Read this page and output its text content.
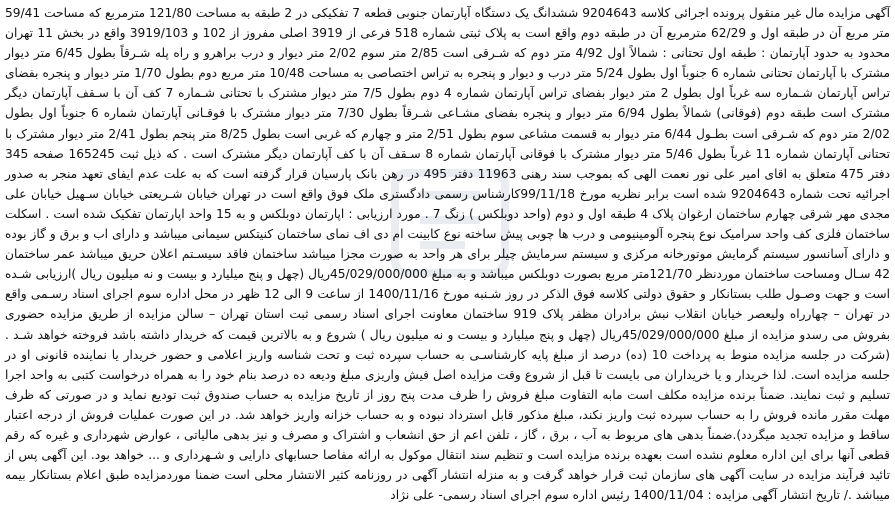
آگهی مزایده مال غیر منقول پرونده اجرائی کلاسه 9204643 ششدانگ یک دستگاه آپارتمان جنوبی قطعه 7 تفکیکی در 2 طبقه به مساحت 121/80 مترمربع که مساحت 59/41 متر مربع آن در طبقه اول و 62/29 مترمربع آن در طبقه دوم واقع است به پلاک ثبتی شماره 518 فرعی از 3919 اصلی مفروز از 102 و 3919/103 واقع در بخش 11 تهران محدود به حدود آپارتمان : طبقه اول تحتانی : شمالاً اول 4/92 متر دوم که شـرقی است 2/85 متر سوم 2/02 متر دیوار و درب براهرو و راه پله شـرقاً بطول 6/45 متر دیوار مشترک با آپارتمان تحتانی شماره 6 جنوباً اول بطول 5/24 متر درب و دیوار و پنجره به تراس اختصاصی به مساحت 10/48 متر مربع دوم بطول 1/70 متر دیوار و پنجره بفضای تراس آپارتمان شـماره سه غرباً اول بطول 2 متر دیوار بفضای تراس آپارتمان شماره 4 دوم بطول 7/5 متر دیوار مشترک با تحتانی شـماره 7 کف آن با سـقف آپارتمان دیگر مشترک است طبقه دوم (فوقانی) شمالاً بطول 6/94 متر دیوار و پنجره بفضای مشـاعی شـرقاً بطول 7/30 متر دیوار مشترک با فوقـانی آپارتمان شماره 6 جنوباً اول بطول 2/02 متر دوم که شـرقی است بطـول 6/44 متر دیوار به قسمت مشاعی سوم بطول 2/51 متر و چهارم که غربی است بطول 8/25 متر پنجم بطول 2/41 متر دیوار مشترک با تحتانی آپارتمان شماره 11 غرباً بطول 5/46 متر دیوار مشترک با فوقانی آپارتمان شماره 8 سـقف آن با کف آپارتمان دیگر مشترک است . که ذیل ثبت 165245 صفحه 345 دفتر 475 متعلق به اقای امیر علی نور نعمت الهی که بموجب سند رهنی 11963 دفتر 495 در رهن بانک پارسیان قرار گرفته است که به علت عدم ایفای تعهد منجر به صدور اجرائیه تحت شماره 9204643 شده است برابر نظریه مورخ 99/11/18کارشناس رسمی دادگستری ملک فوق واقع است در تهران خیابان شـریعتی خیابان سـهیل خیابان علی مجدی مهر شرقی چهارم ساختمان ارغوان پلاک 4 طبقه اول و دوم (واحد دوبلکس ) زنگ 7 . مورد ارزیابی : اپارتمان دوبلکس و به 15 واحد اپارتمان تفکیک شده است . اسکلت ساختمان فلزی کف واحد سرامیک نوع پنجره آلومینیومی و درب ها چوبی پیش ساخته نوع کابینت ام دی اف نمای ساختمان کنیتکس سیمانی میباشد و دارای اب و برق و گاز بوده و دارای آسانسور سیستم گرمایش موتورخانه مرکزی و سیستم سرمایش چیلر برای هر واحد به صورت مجزا میباشد ساختمان فاقد سیسـتم اعلان حریق میباشد عمر ساختمان 42 سـال ومساحت ساختمان موردنظر 121/70متر مربع بصورت دوبلکس میباشد و به مبلغ 45/029/000/000ریال (چهل و پنج میلیارد و بیست و نه میلیون ریال )ارزیابی شـده است و جهت وصـول طلب بستانکار و حقوق دولتی کلاسه فوق الذکر در روز شـنبه مورخ 1400/11/16 از ساعت 9 الی 12 ظهر در محل اداره سوم اجرای اسناد رسـمی واقع در تهران – چهارراه ولیعصر خیابان انقلاب نبش برادران مظفر پلاک 919 ساختمان معاونت اجرای اسناد رسمی ثبت استان تهران – سالن مزایده از طریق مزایده حضوری بفروش می رسدو مزایده از مبلغ 45/029/000/000ریال (چهل و پنج میلیارد و بیست و نه میلیون ریال ) شروع و به بالاترین قیمت که خریدار داشته باشد فروخته خواهد شـد . (شرکت در جلسه مزایده منوط به پرداخت 10 (ده) درصد از مبلغ پایه کارشناسـی به حساب سپرده ثبت و تحت شناسه واریز اعلامی و حضور خریدار یا نماینده قانونی او در جلسه مزایده است. لذا خریدار و یا خریداران می بایست تا قبل از شروع وقت مزایده اصل فیش واریزی مبلغ ودیعه ده درصد بنام خود را به همراه درخواست کتبی به واحد اجرا تسلیم و ثبت نمایند. ضمناً برنده مزایده مکلف است مابه التفاوت مبلغ فروش را ظرف مدت پنج روز از تاریخ مزایده به حساب صندوق ثبت تودیع نماید و در صورتی که ظرف مهلت مقرر مانده فروش را به حساب سپرده ثبت واریز نکند، مبلغ مذکور قابل استرداد نبوده و به حساب خزانه واریز خواهد شد. در این صورت عملیات فروش از درجه اعتبار ساقط و مزایده تجدید میگردد).ضمناً بدهی های مربوط به آب ، برق ، گاز ، تلفن اعم از حق انشعاب و اشتراک و مصرف و نیز بدهی مالیاتی ، عوارض شهرداری و غیره که رقم قطعی آنها برای این اداره معلوم نشده است بعهده برنده مزایده است و تنظیم سند انتقال موکول به ارائه مفاصا حسابهای دارایی و شـهرداری و ... خواهد بود. این آگهی پس از تائید فرآیند مزایده در سایت آگهی های سازمان ثبت قرار خواهد گرفت و به منزله انتشار آگهی در روزنامه کثیر الانتشار محلی است ضمنا موردمزایده طبق اعلام بستانکار بیمه میباشد ./ تاریخ انتشار آگهی مزایده : 1400/11/04 رئیس اداره سوم اجرای اسناد رسمی- علی نژاد
